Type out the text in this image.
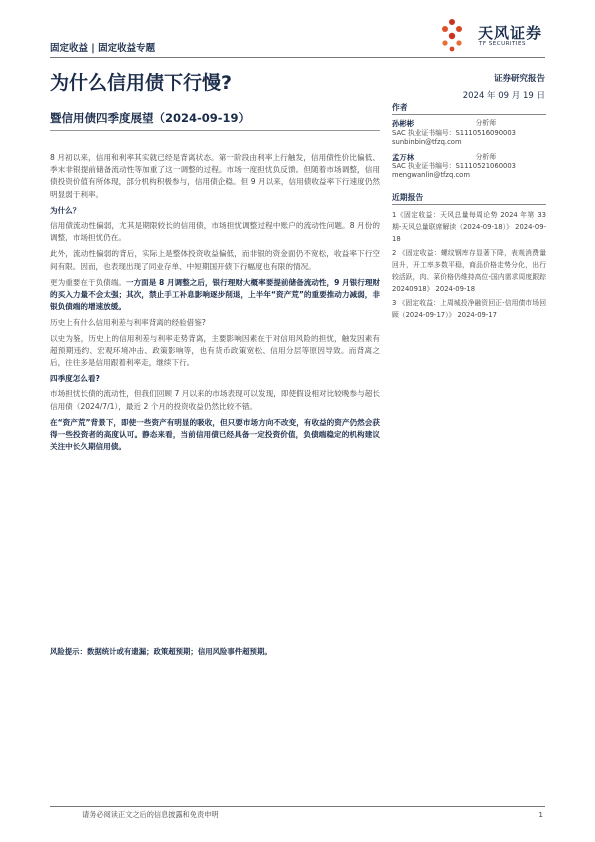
固定收益 | 固定收益专题
天风证券
TF SECURITIES
为什么信用债下行慢?
暨信用债四季度展望（2024-09-19）
证券研究报告
2024 年 09 月 19 日

8 月初以来，信用和利率其实就已经是背离状态。第一阶段由利率上行触发，信用债性价比偏低、季末非银提前储备流动性等加重了这一调整的过程。市场一度担忧负反馈。但随着市场调整，信用债投资价值有所体现，部分机构积极参与，信用债企稳。但 9 月以来，信用债收益率下行速度仍然明显弱于利率。

为什么？

信用债流动性偏弱，尤其是期限较长的信用债，市场担忧调整过程中账户的流动性问题。8 月份的调整，市场担忧仍在。

此外，流动性偏弱的背后，实际上是整体投资收益偏低，而非银的资金面仍不宽松，收益率下行空间有限。因而，也表现出现了同业存单、中短期国开债下行幅度也有限的情况。

更为重要在于负债端。一方面是 8 月调整之后，银行理财大概率要提前储备流动性，9 月银行理财的买入力量不会太强；其次，禁止手工补息影响逐步削退，上半年“资产荒”的重要推动力减弱，非银负债端的增速放缓。

历史上有什么信用利差与利率背离的经验借鉴?

以史为鉴，历史上的信用利差与利率走势背离，主要影响因素在于对信用风险的担忧，触发因素有超预期违约、宏观环境冲击、政策影响等，也有货币政策宽松、信用分层等原因导致。而背离之后，往往多是信用跟着利率走，继续下行。

四季度怎么看?

市场担忧长债的流动性，但我们回顾 7 月以来的市场表现可以发现，即使假设相对比较晚参与超长信用债（2024/7/1），最近 2 个月的投资收益仍然比较不错。

在“资产荒”背景下，即使一些资产有明显的吸收，但只要市场方向不改变，有收益的资产仍然会获得一些投资者的高度认可。静态来看，当前信用债已经具备一定投资价值，负债端稳定的机构建议关注中长久期信用债。

作者
孙彬彬	分析师
SAC 执业证书编号：S1110516090003
sunbinbin@tfzq.com
孟万林	分析师
SAC 执业证书编号：S1110521060003
mengwanlin@tfzq.com
近期报告
1《固定收益：天风总量每周论势 2024 年第 33 期-天风总量联席解读（2024-09-18）》 2024-09-18
2 《固定收益：螺纹钢库存显著下降，表观消费量回升，开工率多数平稳，商品价格走势分化，出行较活跃，肉、菜价格仍维持高位-国内需求周度跟踪20240918》 2024-09-18
3 《固定收益：上周城投净融资回正-信用债市场回顾（2024-09-17）》 2024-09-17
风险提示：数据统计或有遗漏；政策超预期；信用风险事件超预期。
请务必阅读正文之后的信息披露和免责申明	1
